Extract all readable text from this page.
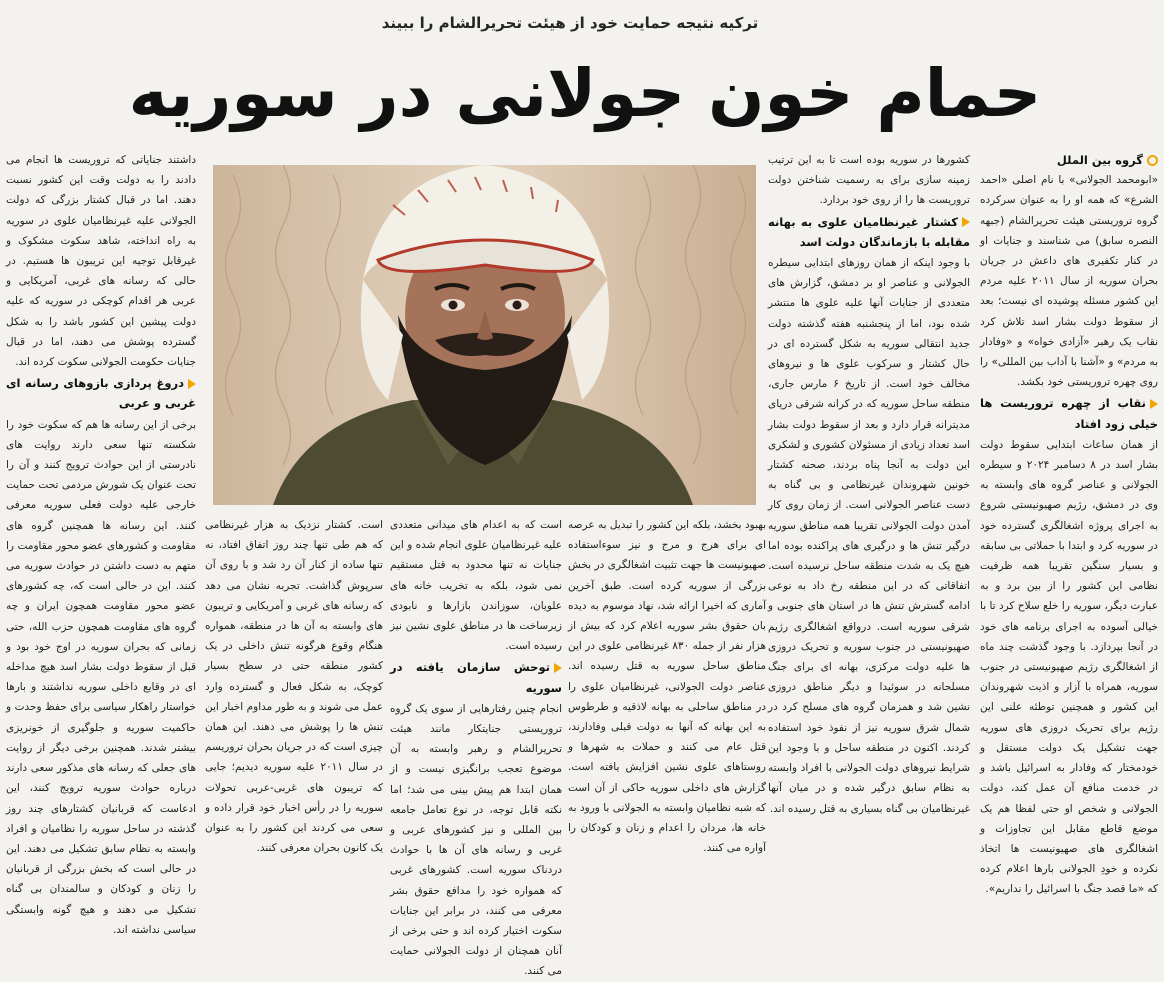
ترکیه نتیجه حمایت خود از هیئت تحریرالشام را ببیند
حمام خون جولانی در سوریه

گروه بین الملل

«ابومحمد الجولانی» با نام اصلی «احمد الشرع» که همه او را به عنوان سرکرده گروه تروریستی هیئت تحریرالشام (جبهه النصره سابق) می شناسند و جنایات او در کنار تکفیری های داعش در جریان بحران سوریه از سال ۲۰۱۱ علیه مردم این کشور مسئله پوشیده ای نیست؛ بعد از سقوط دولت بشار اسد تلاش کرد نقاب یک رهبر «آزادی خواه» و «وفادار به مردم» و «آشنا با آداب بین المللی» را روی چهره تروریستی خود بکشد.

نقاب از چهره تروریست ها خیلی زود افتاد

از همان ساعات ابتدایی سقوط دولت بشار اسد در ۸ دسامبر ۲۰۲۴ و سیطره الجولانی و عناصر گروه های وابسته به وی در دمشق، رژیم صهیونیستی شروع به اجرای پروژه اشغالگری گسترده خود در سوریه کرد و ابتدا با حملاتی بی سابقه و بسیار سنگین تقریبا همه ظرفیت نظامی این کشور را از بین برد و به عبارت دیگر، سوریه را خلع سلاح کرد تا با خیالی آسوده به اجرای برنامه های خود در آنجا بپردازد. با وجود گذشت چند ماه از اشغالگری رژیم صهیونیستی در جنوب سوریه، همراه با آزار و اذیت شهروندان این کشور و همچنین توطئه علنی این رژیم برای تحریک دروزی های سوریه جهت تشکیل یک دولت مستقل و خودمختار که وفادار به اسرائیل باشد و در خدمت منافع آن عمل کند، دولت الجولانی و شخص او حتی لفظا هم یک موضع قاطع مقابل این تجاوزات و اشغالگری های صهیونیست ها اتخاذ نکرده و خودِ الجولانی بارها اعلام کرده که «ما قصد جنگ با اسرائیل را نداریم».

کشورها در سوریه بوده است تا به این ترتیب زمینه سازی برای به رسمیت شناختن دولت تروریست ها را از روی خود بردارد.

کشتار غیرنظامیان علوی به بهانه مقابله با بازماندگان دولت اسد

با وجود اینکه از همان روزهای ابتدایی سیطره الجولانی و عناصر او بر دمشق، گزارش های متعددی از جنایات آنها علیه علوی ها منتشر شده بود، اما از پنجشنبه هفته گذشته دولت جدید انتقالی سوریه به شکل گسترده ای در حال کشتار و سرکوب علوی ها و نیروهای مخالف خود است. از تاریخ ۶ مارس جاری، منطقه ساحل سوریه که در کرانه شرقی دریای مدیترانه قرار دارد و بعد از سقوط دولت بشار اسد تعداد زیادی از مسئولان کشوری و لشکری این دولت به آنجا پناه بردند، صحنه کشتار خونین شهروندان غیرنظامی و بی گناه به دست عناصر الجولانی است. از زمان روی کار آمدن دولت الجولانی تقریبا همه مناطق سوریه درگیر تنش ها و درگیری های پراکنده بوده اما هیچ یک به شدت منطقه ساحل نرسیده است. اتفاقاتی که در این منطقه رخ داد به نوعی ادامه گسترش تنش ها در استان های جنوبی و شرقی سوریه است. درواقع اشغالگری رژیم صهیونیستی در جنوب سوریه و تحریک دروزی ها علیه دولت مرکزی، بهانه ای برای جنگ مسلحانه در سوئیدا و دیگر مناطق دروزی نشین شد و همزمان گروه های مسلح کرد در شمال شرق سوریه نیز از نفوذ خود استفاده کردند. اکنون در منطقه ساحل و با وجود این شرایط نیروهای دولت الجولانی با افراد وابسته به نظام سابق درگیر شده و در میان آنها غیرنظامیان بی گناه بسیاری به قتل رسیده اند.

بهبود بخشد، بلکه این کشور را تبدیل به عرصه ای برای هرج و مرج و نیز سوءاستفاده صهیونیست ها جهت تثبیت اشغالگری در بخش بزرگی از سوریه کرده است. طبق آخرین آماری که اخیرا ارائه شد، نهاد موسوم به دیده بان حقوق بشر سوریه اعلام کرد که بیش از هزار نفر از جمله ۸۳۰ غیرنظامی علوی در این مناطق ساحل سوریه به قتل رسیده اند. عناصر دولت الجولانی، غیرنظامیان علوی را در مناطق ساحلی به بهانه لاذقیه و طرطوس به این بهانه که آنها به دولت قبلی وفادارند، قتل عام می کنند و حملات به شهرها و روستاهای علوی نشین افزایش یافته است. گزارش های داخلی سوریه حاکی از آن است که شبه نظامیان وابسته به الجولانی با ورود به خانه ها، مردان را اعدام و زنان و کودکان را آواره می کنند.

است که به اعدام های میدانی متعددی علیه غیرنظامیان علوی انجام شده و این جنایات نه تنها محدود به قتل مستقیم نمی شود، بلکه به تخریب خانه های علویان، سوزاندن بازارها و نابودی زیرساخت ها در مناطق علوی نشین نیز رسیده است.

توحش سازمان یافته در سوریه

انجام چنین رفتارهایی از سوی یک گروه تروریستی جنایتکار مانند هیئت تحریرالشام و رهبر وابسته به آن موضوع تعجب برانگیزی نیست و از همان ابتدا هم پیش بینی می شد؛ اما نکته قابل توجه، در نوع تعامل جامعه بین المللی و نیز کشورهای عربی و غربی و رسانه های آن ها با حوادث دردناک سوریه است. کشورهای غربی که همواره خود را مدافع حقوق بشر معرفی می کنند، در برابر این جنایات سکوت اختیار کرده اند و حتی برخی از آنان همچنان از دولت الجولانی حمایت می کنند.

است. کشتار نزدیک به هزار غیرنظامی که هم طی تنها چند روز اتفاق افتاد، نه تنها ساده از کنار آن رد شد و با روی آن سرپوش گذاشت. تجربه نشان می دهد که رسانه های غربی و آمریکایی و تریبون های وابسته به آن ها در منطقه، همواره هنگام وقوع هرگونه تنش داخلی در یک کشور منطقه حتی در سطح بسیار کوچک، به شکل فعال و گسترده وارد عمل می شوند و به طور مداوم اخبار این تنش ها را پوشش می دهند. این همان چیزی است که در جریان بحران تروریسم در سال ۲۰۱۱ علیه سوریه دیدیم؛ جایی که تریبون های غربی-عربی تحولات سوریه را در رأس اخبار خود قرار داده و سعی می کردند این کشور را به عنوان یک کانون بحران معرفی کنند.

داشتند جنایاتی که تروریست ها انجام می دادند را به دولت وقت این کشور نسبت دهند. اما در قبال کشتار بزرگی که دولت الجولانی علیه غیرنظامیان علوی در سوریه به راه انداخته، شاهد سکوت مشکوک و غیرقابل توجیه این تریبون ها هستیم. در حالی که رسانه های غربی، آمریکایی و عربی هر اقدام کوچکی در سوریه که علیه دولت پیشین این کشور باشد را به شکل گسترده پوشش می دهند، اما در قبال جنایات حکومت الجولانی سکوت کرده اند.

دروغ پردازی بازوهای رسانه ای غربی و عربی

برخی از این رسانه ها هم که سکوت خود را شکسته تنها سعی دارند روایت های نادرستی از این حوادث ترویج کنند و آن را تحت عنوان یک شورش مردمی تحت حمایت خارجی علیه دولت فعلی سوریه معرفی کنند. این رسانه ها همچنین گروه های مقاومت و کشورهای عضو محور مقاومت را متهم به دست داشتن در حوادث سوریه می کنند. این در حالی است که، چه کشورهای عضو محور مقاومت همچون ایران و چه گروه های مقاومت همچون حزب الله، حتی زمانی که بحران سوریه در اوج خود بود و قبل از سقوط دولت بشار اسد هیچ مداخله ای در وقایع داخلی سوریه نداشتند و بارها خواستار راهکار سیاسی برای حفظ وحدت و حاکمیت سوریه و جلوگیری از خونریزی بیشتر شدند. همچنین برخی دیگر از روایت های جعلی که رسانه های مذکور سعی دارند درباره حوادث سوریه ترویج کنند، این ادعاست که قربانیان کشتارهای چند روز گذشته در ساحل سوریه را نظامیان و افراد وابسته به نظام سابق تشکیل می دهند. این در حالی است که بخش بزرگی از قربانیان را زنان و کودکان و سالمندان بی گناه تشکیل می دهند و هیچ گونه وابستگی سیاسی نداشته اند.
